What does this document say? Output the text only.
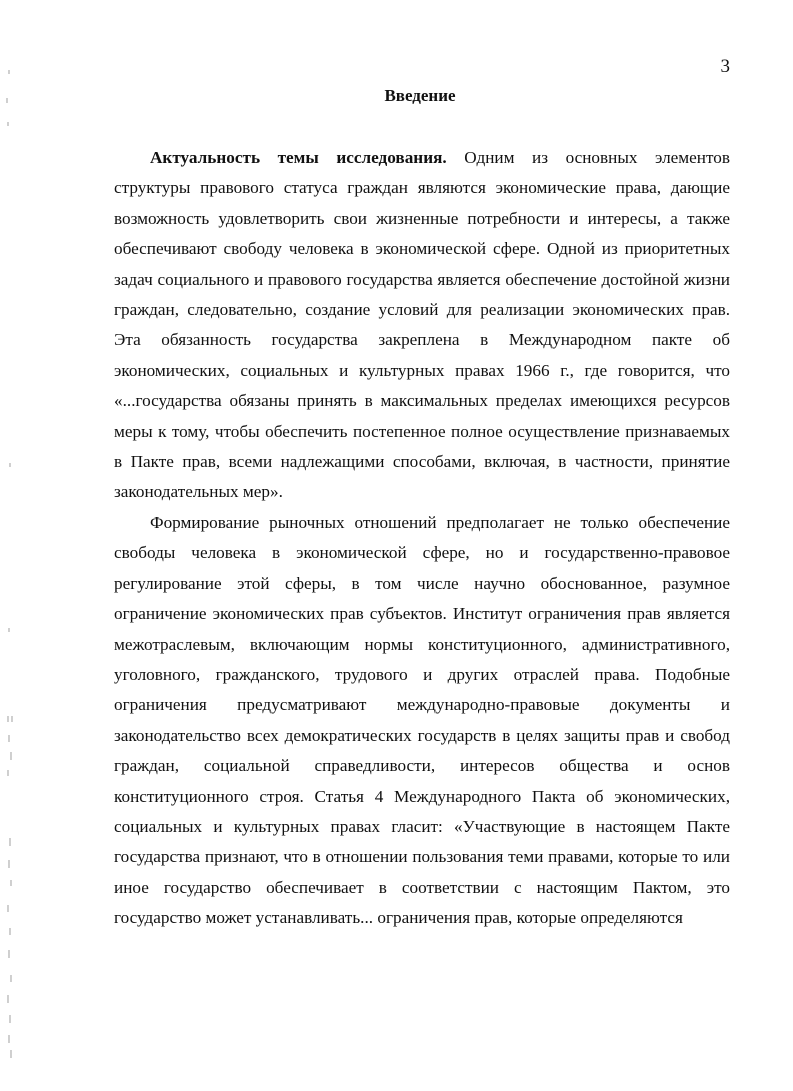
3
Введение

Актуальность темы исследования. Одним из основных элементов структуры правового статуса граждан являются экономические права, дающие возможность удовлетворить свои жизненные потребности и интересы, а также обеспечивают свободу человека в экономической сфере. Одной из приоритетных задач социального и правового государства является обеспечение достойной жизни граждан, следовательно, создание условий для реализации экономических прав. Эта обязанность государства закреплена в Международном пакте об экономических, социальных и культурных правах 1966 г., где говорится, что «...государства обязаны принять в максимальных пределах имеющихся ресурсов меры к тому, чтобы обеспечить постепенное полное осуществление признаваемых в Пакте прав, всеми надлежащими способами, включая, в частности, принятие законодательных мер».

Формирование рыночных отношений предполагает не только обеспечение свободы человека в экономической сфере, но и государственно-правовое регулирование этой сферы, в том числе научно обоснованное, разумное ограничение экономических прав субъектов. Институт ограничения прав является межотраслевым, включающим нормы конституционного, административного, уголовного, гражданского, трудового и других отраслей права. Подобные ограничения предусматривают международно-правовые документы и законодательство всех демократических государств в целях защиты прав и свобод граждан, социальной справедливости, интересов общества и основ конституционного строя. Статья 4 Международного Пакта об экономических, социальных и культурных правах гласит: «Участвующие в настоящем Пакте государства признают, что в отношении пользования теми правами, которые то или иное государство обеспечивает в соответствии с настоящим Пактом, это государство может устанавливать... ограничения прав, которые определяются
